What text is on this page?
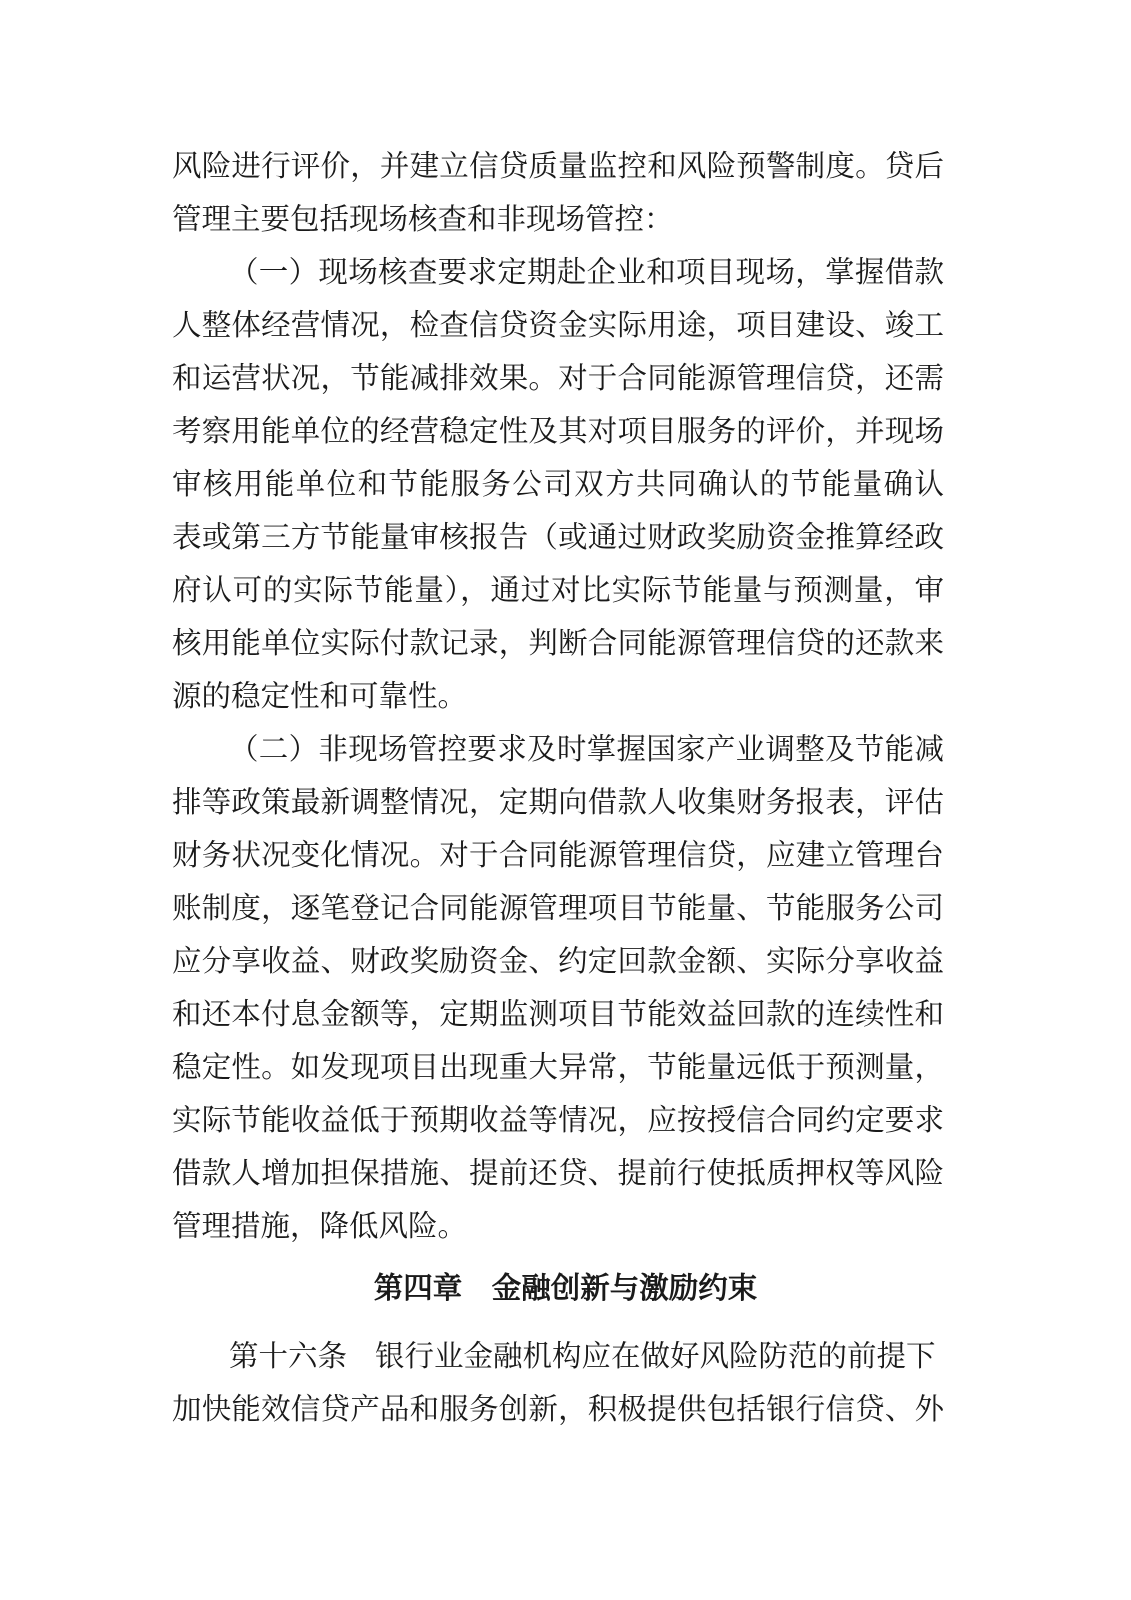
风险进行评价，并建立信贷质量监控和风险预警制度。贷后
管理主要包括现场核查和非现场管控：
（一）现场核查要求定期赴企业和项目现场，掌握借款
人整体经营情况，检查信贷资金实际用途，项目建设、竣工
和运营状况，节能减排效果。对于合同能源管理信贷，还需
考察用能单位的经营稳定性及其对项目服务的评价，并现场
审核用能单位和节能服务公司双方共同确认的节能量确认
表或第三方节能量审核报告（或通过财政奖励资金推算经政
府认可的实际节能量），通过对比实际节能量与预测量，审
核用能单位实际付款记录，判断合同能源管理信贷的还款来
源的稳定性和可靠性。
（二）非现场管控要求及时掌握国家产业调整及节能减
排等政策最新调整情况，定期向借款人收集财务报表，评估
财务状况变化情况。对于合同能源管理信贷，应建立管理台
账制度，逐笔登记合同能源管理项目节能量、节能服务公司
应分享收益、财政奖励资金、约定回款金额、实际分享收益
和还本付息金额等，定期监测项目节能效益回款的连续性和
稳定性。如发现项目出现重大异常，节能量远低于预测量，
实际节能收益低于预期收益等情况，应按授信合同约定要求
借款人增加担保措施、提前还贷、提前行使抵质押权等风险
管理措施，降低风险。
第四章　金融创新与激励约束
第十六条 银行业金融机构应在做好风险防范的前提下
加快能效信贷产品和服务创新，积极提供包括银行信贷、外
